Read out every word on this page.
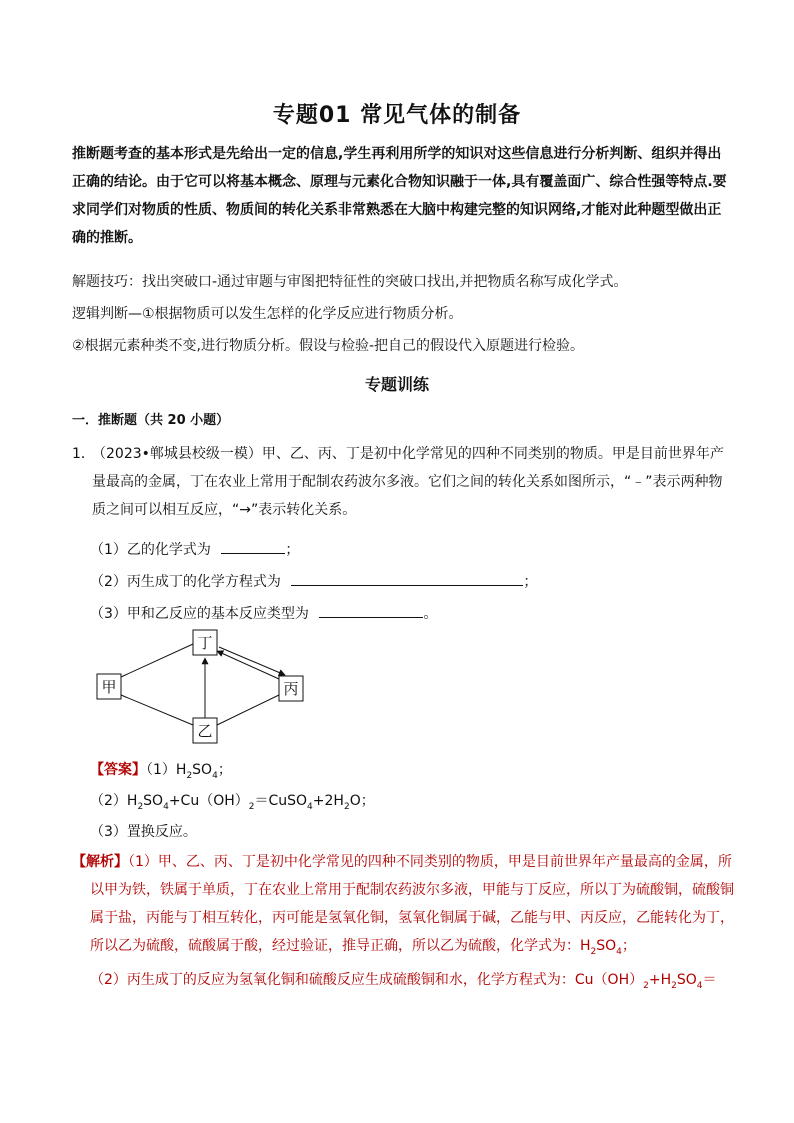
专题01 常见气体的制备
推断题考查的基本形式是先给出一定的信息,学生再利用所学的知识对这些信息进行分析判断、组织并得出正确的结论。由于它可以将基本概念、原理与元素化合物知识融于一体,具有覆盖面广、综合性强等特点.要求同学们对物质的性质、物质间的转化关系非常熟悉在大脑中构建完整的知识网络,才能对此种题型做出正确的推断。
解题技巧：找出突破口-通过审题与审图把特征性的突破口找出,并把物质名称写成化学式。
逻辑判断—①根据物质可以发生怎样的化学反应进行物质分析。
②根据元素种类不变,进行物质分析。假设与检验-把自己的假设代入原题进行检验。
专题训练
一．推断题（共 20 小题）
1．
（2023•郸城县校级一模）甲、乙、丙、丁是初中化学常见的四种不同类别的物质。甲是目前世界年产量最高的金属，丁在农业上常用于配制农药波尔多液。它们之间的转化关系如图所示，“﹣”表示两种物质之间可以相互反应，“→”表示转化关系。
（1）乙的化学式为	；
（2）丙生成丁的化学方程式为	；
（3）甲和乙反应的基本反应类型为	。
丁
甲	丙
乙
【答案】$(1)H_2SO_4$；
$(2)H_2SO_4+Cu(OH)_2=CuSO_4+2H_2O$；
（3）置换反应。
【解析】（1）甲、乙、丙、丁是初中化学常见的四种不同类别的物质，甲是目前世界年产量最高的金属，所以甲为铁，铁属于单质，丁在农业上常用于配制农药波尔多液，甲能与丁反应，所以丁为硫酸铜，硫酸铜属于盐，丙能与丁相互转化，丙可能是氢氧化铜，氢氧化铜属于碱，乙能与甲、丙反应，乙能转化为丁，所以乙为硫酸，硫酸属于酸，经过验证，推导正确，所以乙为硫酸，化学式为：$H_2SO_4$；
（2）丙生成丁的反应为氢氧化铜和硫酸反应生成硫酸铜和水，化学方程式为：$Cu(OH)_2+H_2SO_4=$
